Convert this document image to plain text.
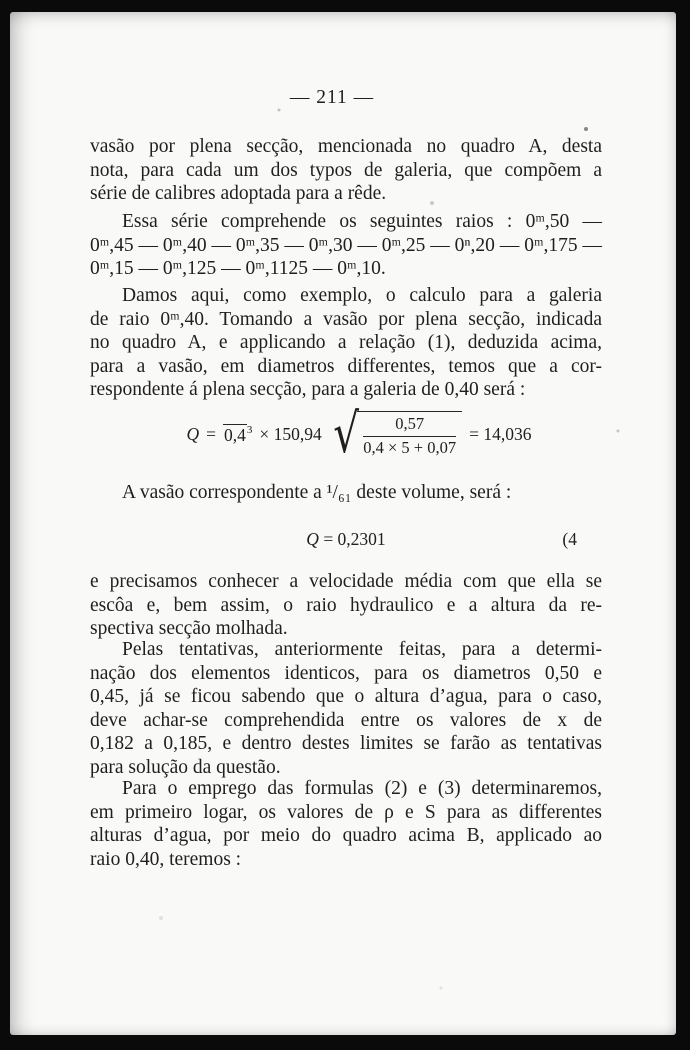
— 211 —
vasão por plena secção, mencionada no quadro A, desta
nota, para cada um dos typos de galeria, que compõem a
série de calibres adoptada para a rêde.
Essa série comprehende os seguintes raios : 0ᵐ,50 —
0ᵐ,45 — 0ᵐ,40 — 0ᵐ,35 — 0ᵐ,30 — 0ᵐ,25 — 0ⁿ,20 — 0ᵐ,175 —
0ᵐ,15 — 0ᵐ,125 — 0ᵐ,1125 — 0ᵐ,10.
Damos aqui, como exemplo, o calculo para a galeria
de raio 0ᵐ,40. Tomando a vasão por plena secção, indicada
no quadro A, e applicando a relação (1), deduzida acima,
para a vasão, em diametros differentes, temos que a cor-
respondente á plena secção, para a galeria de 0,40 será :
$Q = 0,4^3 \times 150,94$ √ $\frac{0,57}{0,4 \times 5 + 0,07} = 14,036$
A vasão correspondente a ¹/₆₁ deste volume, será :
Q = 0,2301	(4
e precisamos conhecer a velocidade média com que ella se
escôa e, bem assim, o raio hydraulico e a altura da re-
spectiva secção molhada.
Pelas tentativas, anteriormente feitas, para a determi-
nação dos elementos identicos, para os diametros 0,50 e
0,45, já se ficou sabendo que o altura d’agua, para o caso,
deve achar-se comprehendida entre os valores de x de
0,182 a 0,185, e dentro destes limites se farão as tentativas
para solução da questão.
Para o emprego das formulas (2) e (3) determinaremos,
em primeiro logar, os valores de ρ e S para as differentes
alturas d’agua, por meio do quadro acima B, applicado ao
raio 0,40, teremos :
